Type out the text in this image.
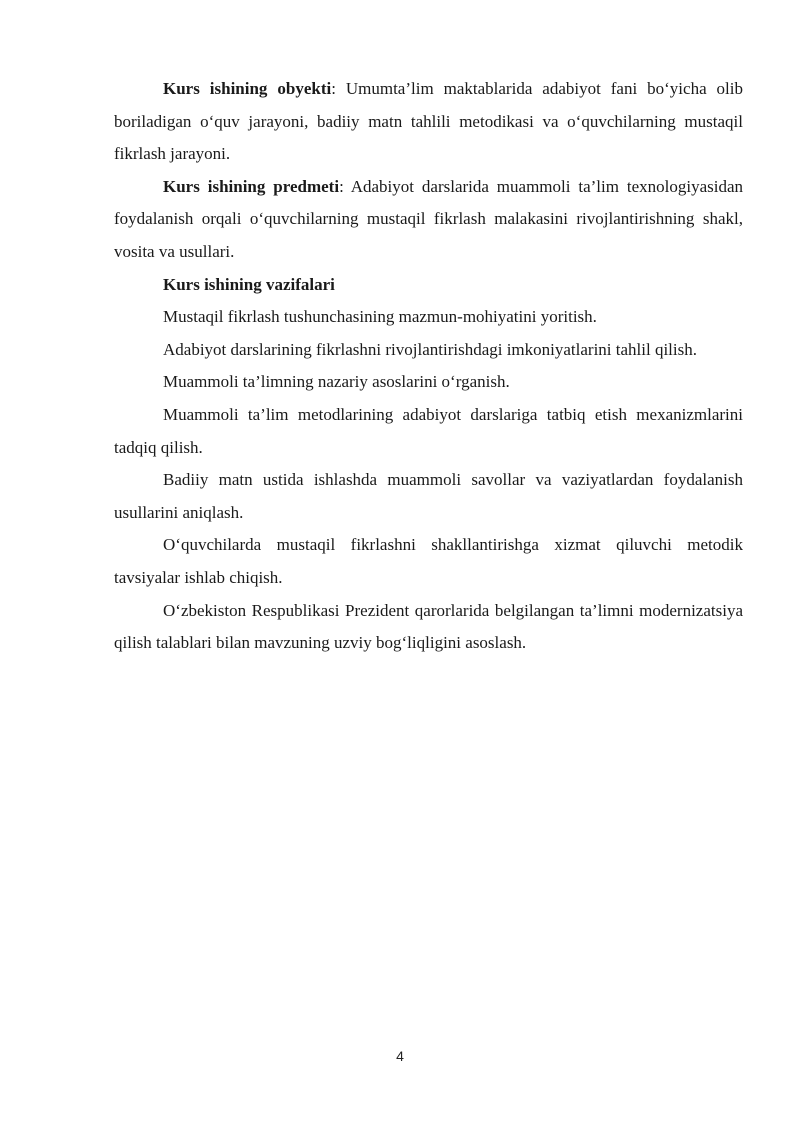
Kurs ishining obyekti: Umumta’lim maktablarida adabiyot fani bo‘yicha olib boriladigan o‘quv jarayoni, badiiy matn tahlili metodikasi va o‘quvchilarning mustaqil fikrlash jarayoni.

Kurs ishining predmeti: Adabiyot darslarida muammoli ta’lim texnologiyasidan foydalanish orqali o‘quvchilarning mustaqil fikrlash malakasini rivojlantirishning shakl, vosita va usullari.

Kurs ishining vazifalari

Mustaqil fikrlash tushunchasining mazmun-mohiyatini yoritish.

Adabiyot darslarining fikrlashni rivojlantirishdagi imkoniyatlarini tahlil qilish.

Muammoli ta’limning nazariy asoslarini o‘rganish.

Muammoli ta’lim metodlarining adabiyot darslariga tatbiq etish mexanizmlarini tadqiq qilish.

Badiiy matn ustida ishlashda muammoli savollar va vaziyatlardan foydalanish usullarini aniqlash.

O‘quvchilarda mustaqil fikrlashni shakllantirishga xizmat qiluvchi metodik tavsiyalar ishlab chiqish.

O‘zbekiston Respublikasi Prezident qarorlarida belgilangan ta’limni modernizatsiya qilish talablari bilan mavzuning uzviy bog‘liqligini asoslash.

4
